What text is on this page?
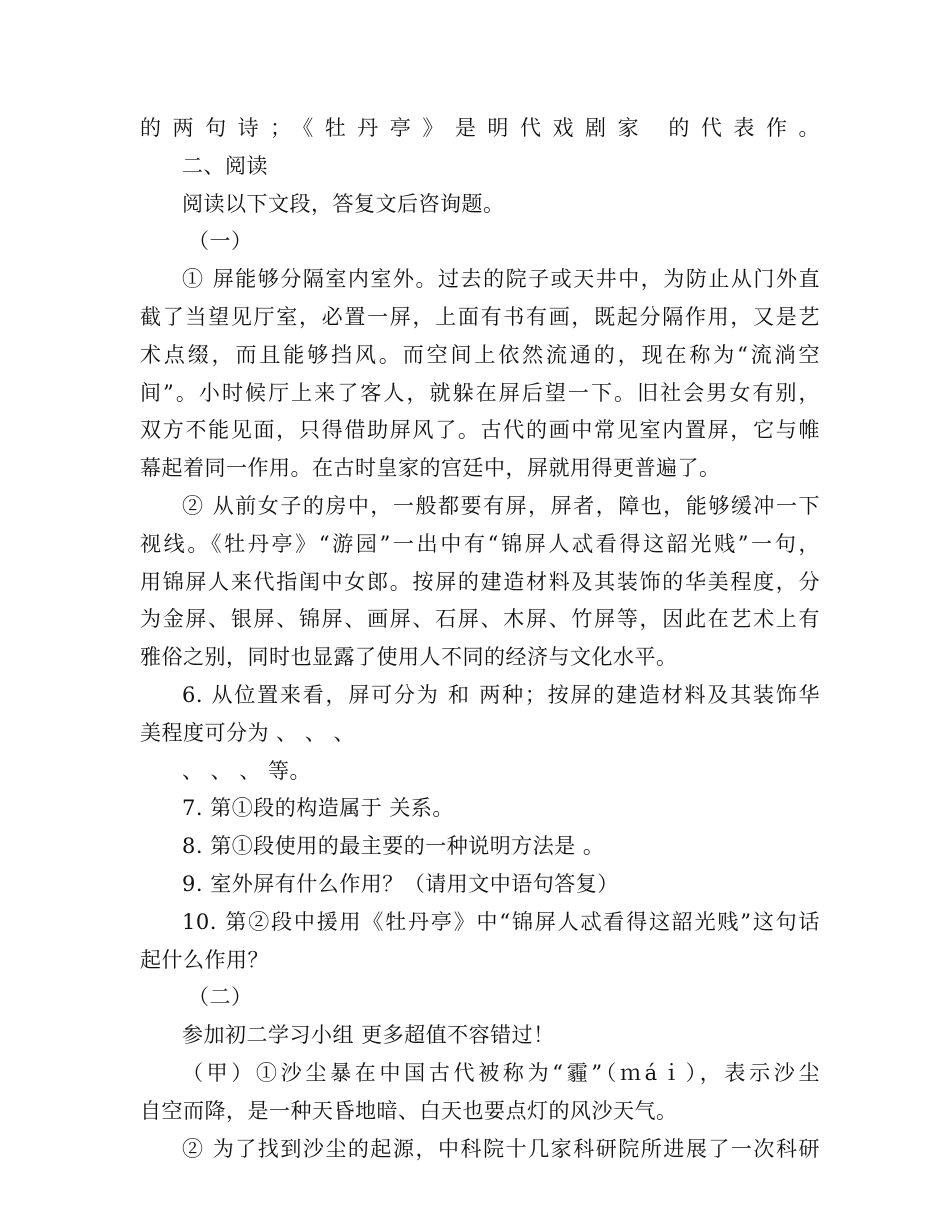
的两句诗；《牡丹亭》是明代戏剧家 的代表作。
二、阅读
阅读以下文段，答复文后咨询题。
（一）
① 屏能够分隔室内室外。过去的院子或天井中，为防止从门外直
截了当望见厅室，必置一屏，上面有书有画，既起分隔作用，又是艺
术点缀，而且能够挡风。而空间上依然流通的，现在称为“流淌空
间”。小时候厅上来了客人，就躲在屏后望一下。旧社会男女有别，
双方不能见面，只得借助屏风了。古代的画中常见室内置屏，它与帷
幕起着同一作用。在古时皇家的宫廷中，屏就用得更普遍了。
② 从前女子的房中，一般都要有屏，屏者，障也，能够缓冲一下
视线。《牡丹亭》“游园”一出中有“锦屏人忒看得这韶光贱”一句，
用锦屏人来代指闺中女郎。按屏的建造材料及其装饰的华美程度，分
为金屏、银屏、锦屏、画屏、石屏、木屏、竹屏等，因此在艺术上有
雅俗之别，同时也显露了使用人不同的经济与文化水平。
6. 从位置来看，屏可分为 和 两种；按屏的建造材料及其装饰华
美程度可分为 、 、 、
、 、 、 等。
7. 第①段的构造属于 关系。
8. 第①段使用的最主要的一种说明方法是 。
9. 室外屏有什么作用？（请用文中语句答复）
10. 第②段中援用《牡丹亭》中“锦屏人忒看得这韶光贱”这句话
起什么作用？
（二）
参加初二学习小组 更多超值不容错过！
（甲）①沙尘暴在中国古代被称为“霾”（ｍáｉ），表示沙尘
自空而降，是一种天昏地暗、白天也要点灯的风沙天气。
② 为了找到沙尘的起源，中科院十几家科研院所进展了一次科研
